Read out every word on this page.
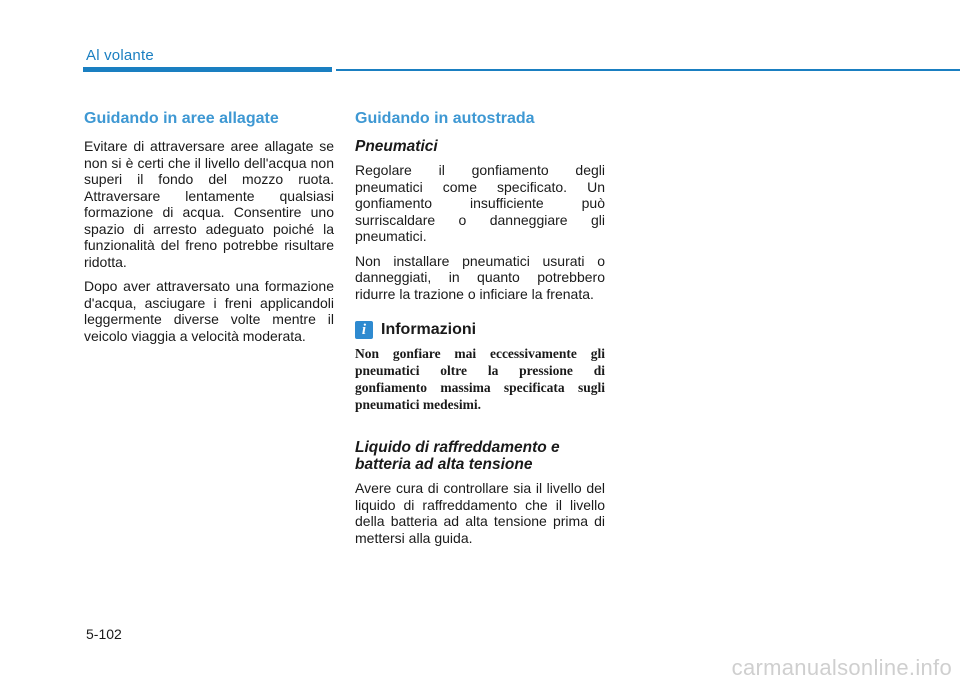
Al volante
Guidando in aree allagate

Evitare di attraversare aree allagate se non si è certi che il livello dell'acqua non superi il fondo del mozzo ruota. Attraversare lentamente qualsiasi formazione di acqua. Consentire uno spazio di arresto adeguato poiché la funzionalità del freno potrebbe risultare ridotta.

Dopo aver attraversato una formazione d'acqua, asciugare i freni applicandoli leggermente diverse volte mentre il veicolo viaggia a velocità moderata.

Guidando in autostrada
Pneumatici

Regolare il gonfiamento degli pneumatici come specificato. Un gonfiamento insufficiente può surriscaldare o danneggiare gli pneumatici.

Non installare pneumatici usurati o danneggiati, in quanto potrebbero ridurre la trazione o inficiare la frenata.

i Informazioni

Non gonfiare mai eccessivamente gli pneumatici oltre la pressione di gonfiamento massima specificata sugli pneumatici medesimi.

Liquido di raffreddamento e
batteria ad alta tensione

Avere cura di controllare sia il livello del liquido di raffreddamento che il livello della batteria ad alta tensione prima di mettersi alla guida.

5-102
carmanualsonline.info
